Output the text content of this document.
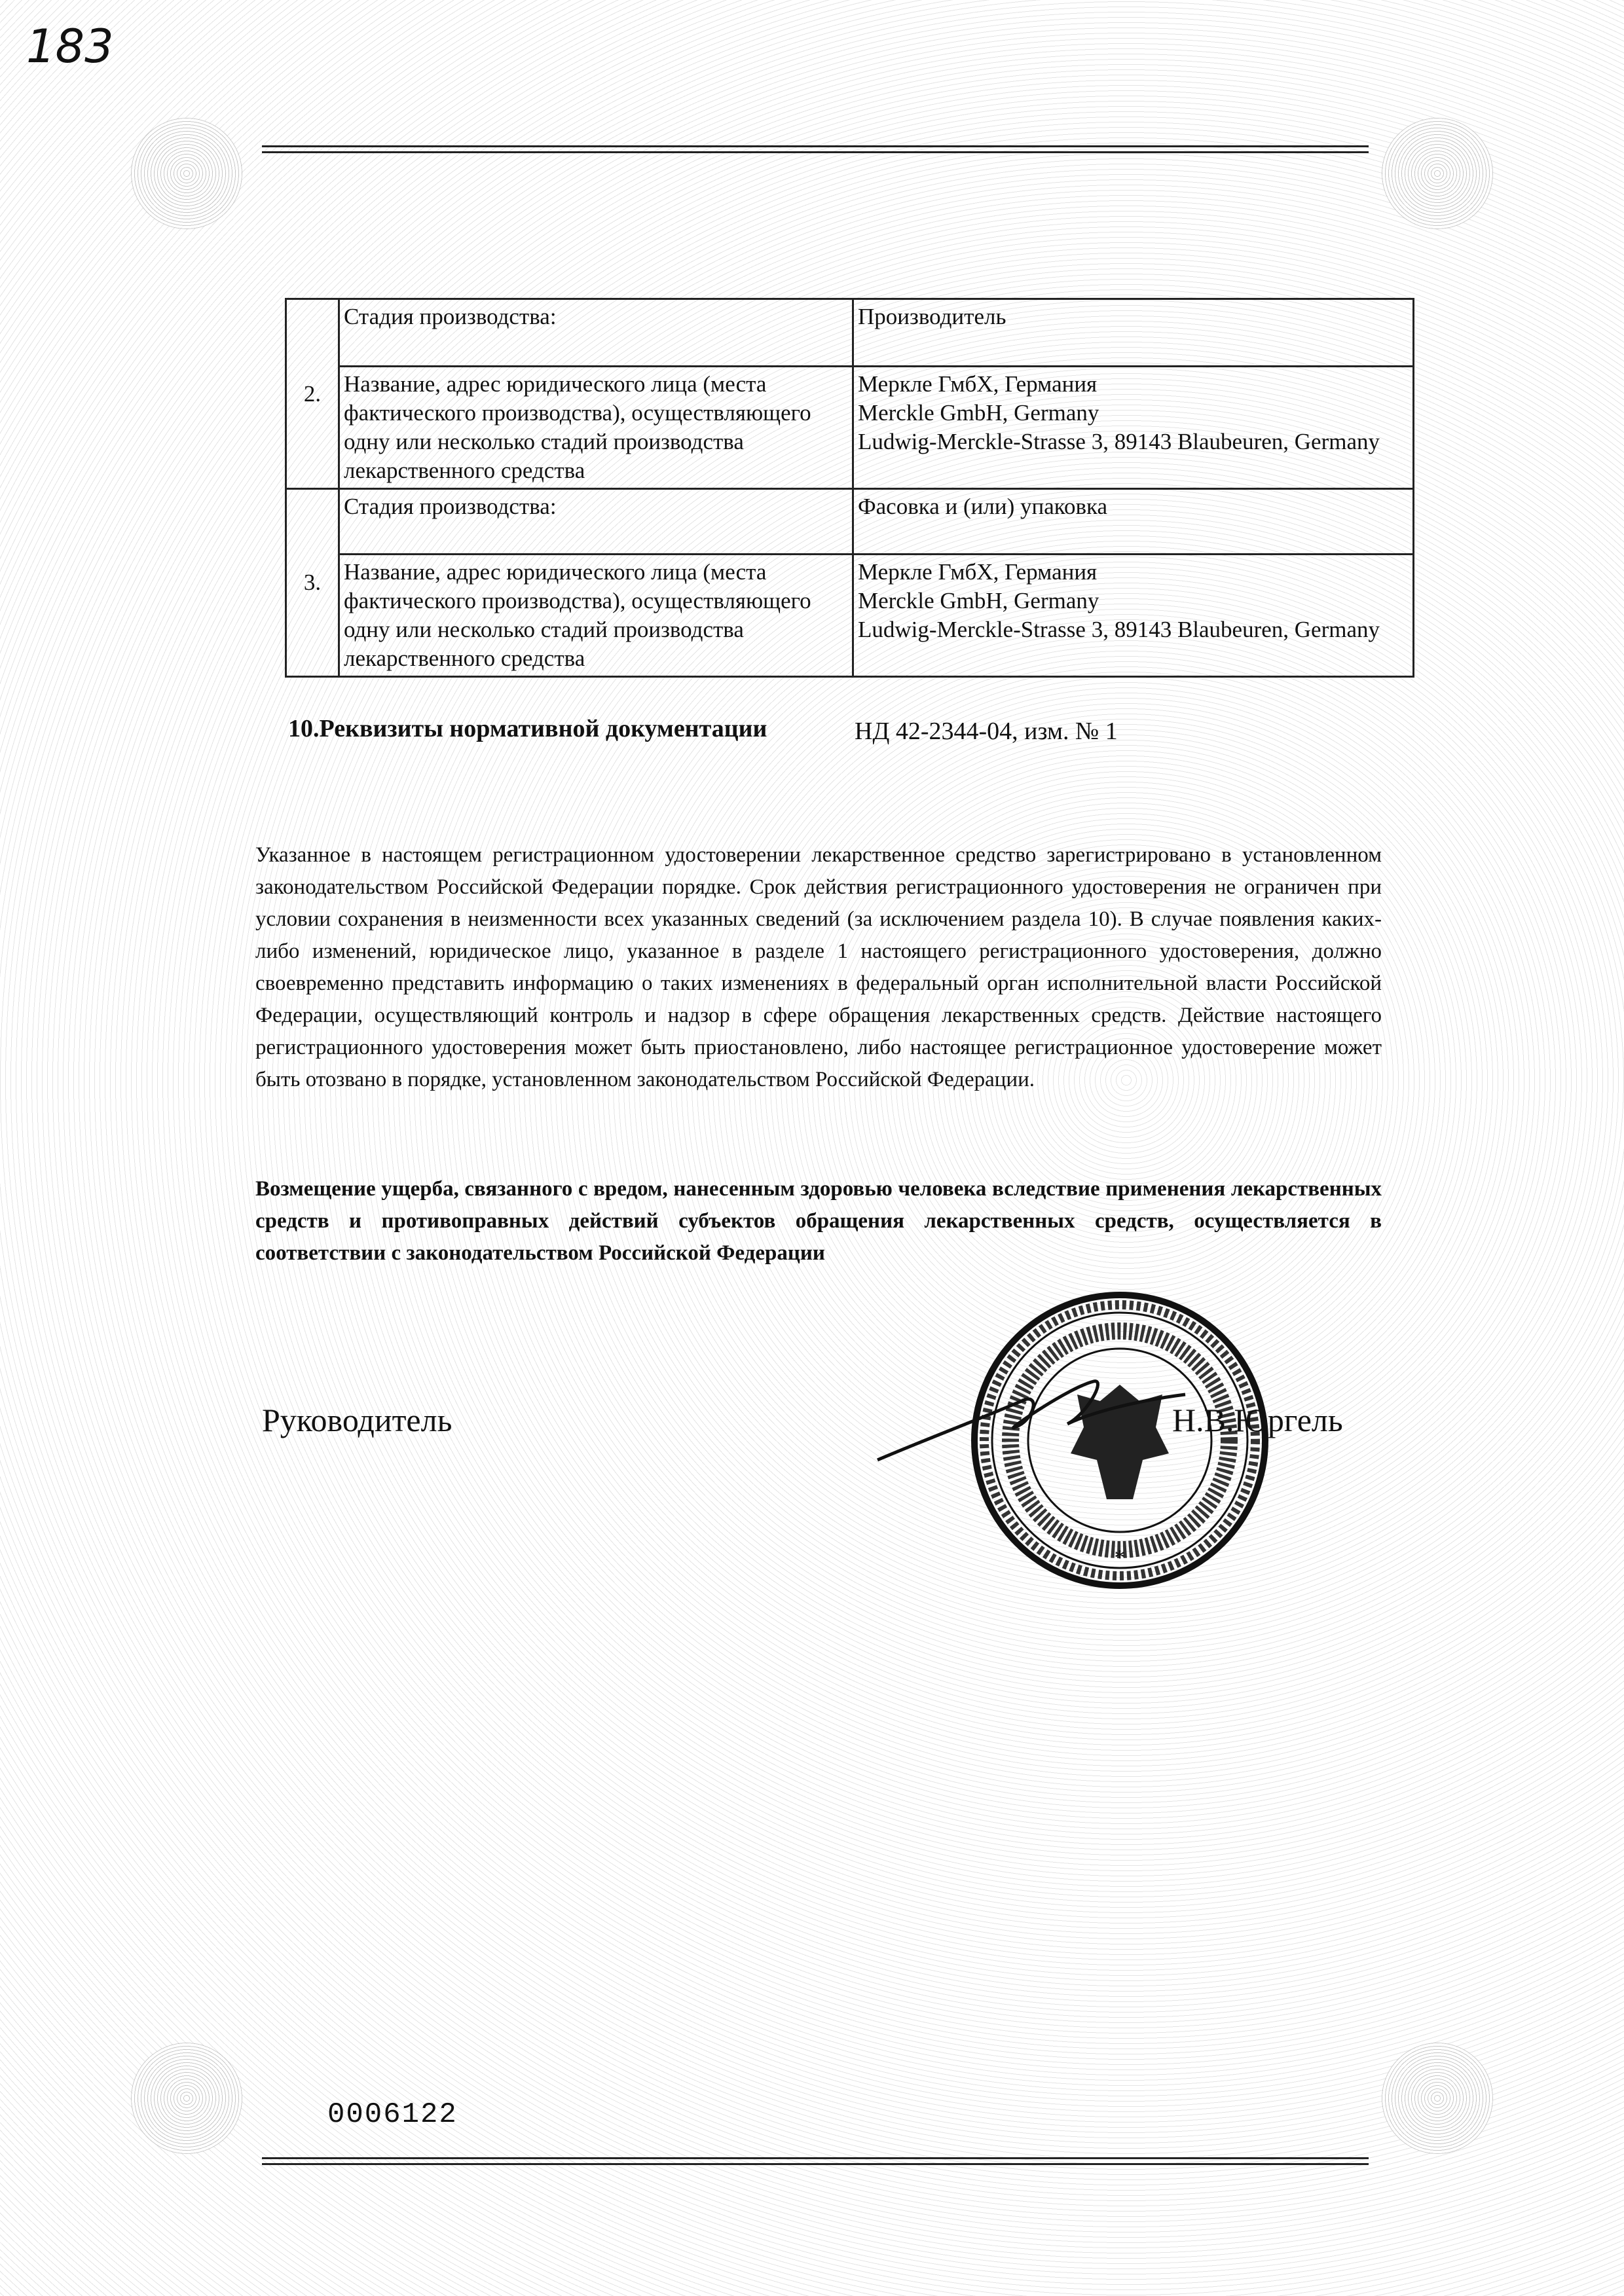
183
2.	Стадия производства:	Производитель
	Название, адрес юридического лица (места фактического производства), осуществляющего одну или несколько стадий производства лекарственного средства	Меркле ГмбХ, Германия
Merckle GmbH, Germany
Ludwig-Merckle-Strasse 3, 89143 Blaubeuren, Germany

3.	Стадия производства:	Фасовка и (или) упаковка
	Название, адрес юридического лица (места фактического производства), осуществляющего одну или несколько стадий производства лекарственного средства	Меркле ГмбХ, Германия
Merckle GmbH, Germany
Ludwig-Merckle-Strasse 3, 89143 Blaubeuren, Germany
10.Реквизиты нормативной документации	НД 42-2344-04, изм. № 1
Указанное в настоящем регистрационном удостоверении лекарственное средство зарегистрировано в установленном законодательством Российской Федерации порядке. Срок действия регистрационного удостоверения не ограничен при условии сохранения в неизменности всех указанных сведений (за исключением раздела 10). В случае появления каких-либо изменений, юридическое лицо, указанное в разделе 1 настоящего регистрационного удостоверения, должно своевременно представить информацию о таких изменениях в федеральный орган исполнительной власти Российской Федерации, осуществляющий контроль и надзор в сфере обращения лекарственных средств. Действие настоящего регистрационного удостоверения может быть приостановлено, либо настоящее регистрационное удостоверение может быть отозвано в порядке, установленном законодательством Российской Федерации.
Возмещение ущерба, связанного с вредом, нанесенным здоровью человека вследствие применения лекарственных средств и противоправных действий субъектов обращения лекарственных средств, осуществляется в соответствии с законодательством Российской Федерации
Руководитель
*
Н.В.Юргель
0006122
